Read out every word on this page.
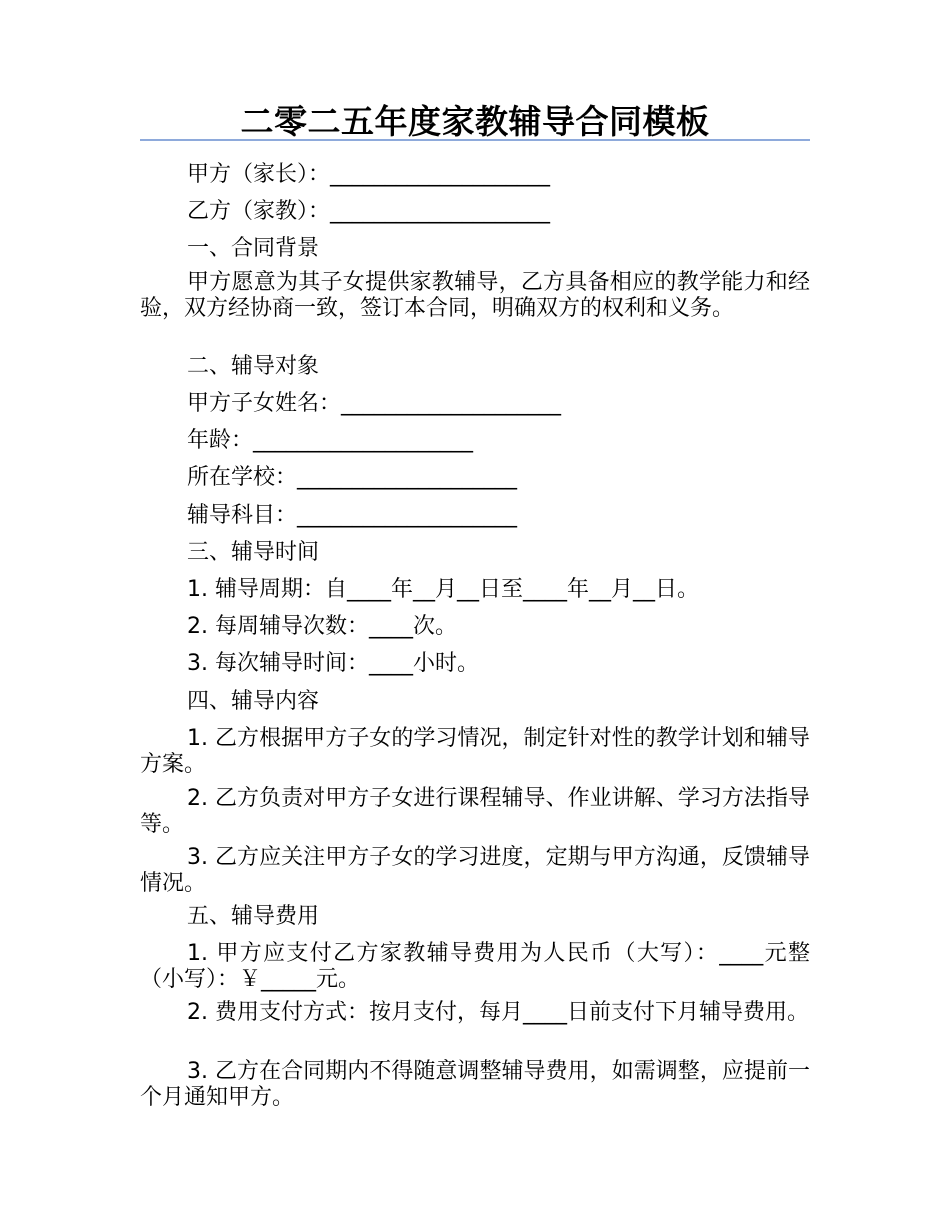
二零二五年度家教辅导合同模板
甲方（家长）：____________________
乙方（家教）：____________________
一、合同背景
甲方愿意为其子女提供家教辅导，乙方具备相应的教学能力和经验，双方经协商一致，签订本合同，明确双方的权利和义务。
二、辅导对象
甲方子女姓名：____________________
年龄：____________________
所在学校：____________________
辅导科目：____________________
三、辅导时间
1. 辅导周期：自____年__月__日至____年__月__日。
2. 每周辅导次数：____次。
3. 每次辅导时间：____小时。
四、辅导内容
1. 乙方根据甲方子女的学习情况，制定针对性的教学计划和辅导方案。
2. 乙方负责对甲方子女进行课程辅导、作业讲解、学习方法指导等。
3. 乙方应关注甲方子女的学习进度，定期与甲方沟通，反馈辅导情况。
五、辅导费用
1. 甲方应支付乙方家教辅导费用为人民币（大写）：____元整（小写）：￥_____元。
2. 费用支付方式：按月支付，每月____日前支付下月辅导费用。
3. 乙方在合同期内不得随意调整辅导费用，如需调整，应提前一个月通知甲方。
